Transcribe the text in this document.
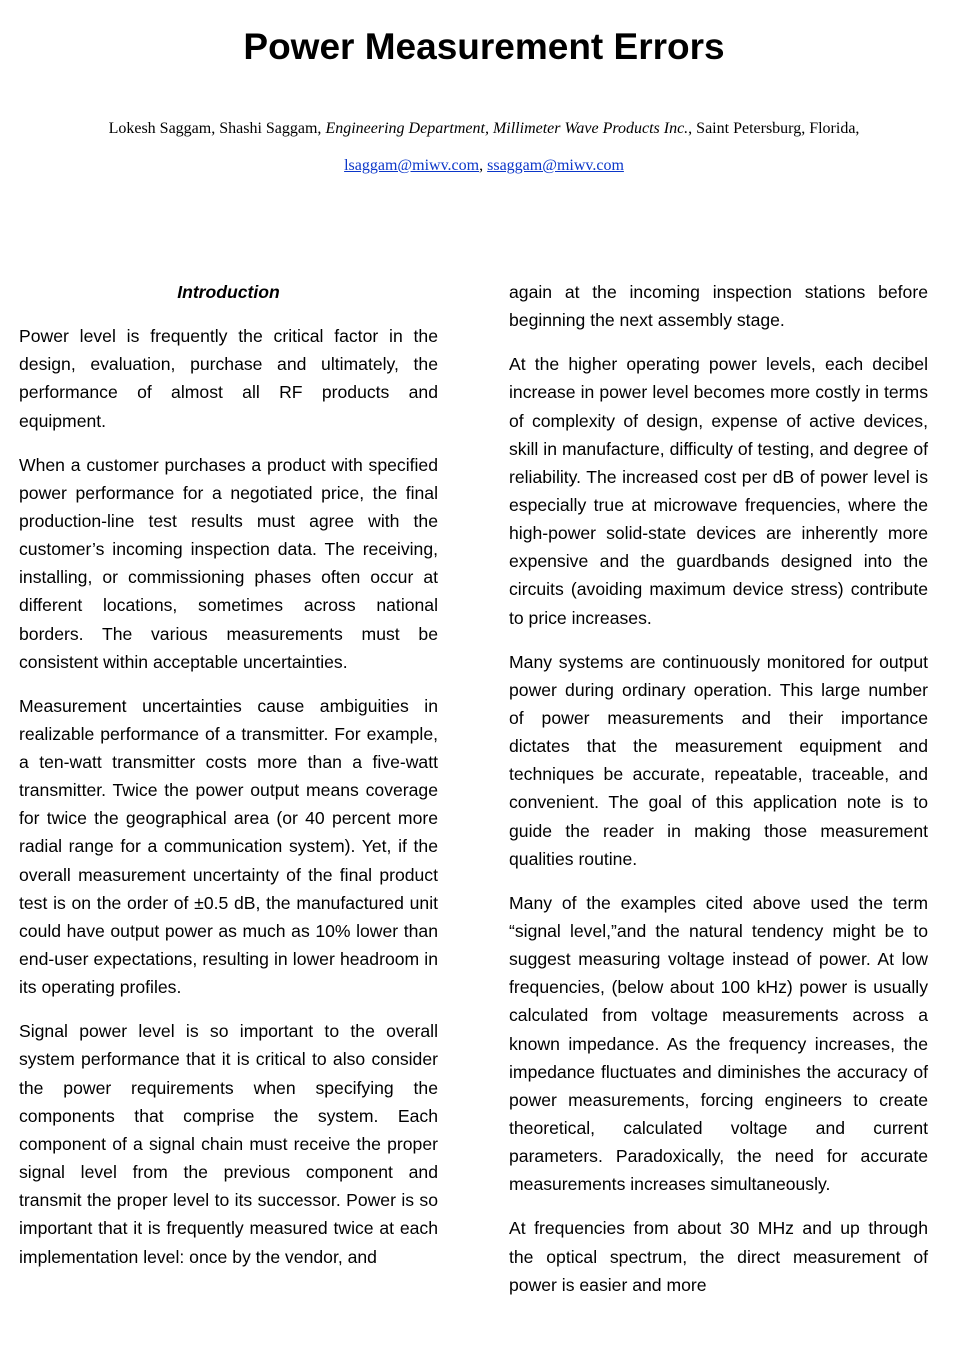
Power Measurement Errors
Lokesh Saggam, Shashi Saggam, Engineering Department, Millimeter Wave Products Inc., Saint Petersburg, Florida,
lsaggam@miwv.com, ssaggam@miwv.com
Introduction

Power level is frequently the critical factor in the design, evaluation, purchase and ultimately, the performance of almost all RF products and equipment.

When a customer purchases a product with specified power performance for a negotiated price, the final production-line test results must agree with the customer’s incoming inspection data. The receiving, installing, or commissioning phases often occur at different locations, sometimes across national borders. The various measurements must be consistent within acceptable uncertainties.

Measurement uncertainties cause ambiguities in realizable performance of a transmitter. For example, a ten-watt transmitter costs more than a five-watt transmitter. Twice the power output means coverage for twice the geographical area (or 40 percent more radial range for a communication system). Yet, if the overall measurement uncertainty of the final product test is on the order of ±0.5 dB, the manufactured unit could have output power as much as 10% lower than end-user expectations, resulting in lower headroom in its operating profiles.

Signal power level is so important to the overall system performance that it is critical to also consider the power requirements when specifying the components that comprise the system. Each component of a signal chain must receive the proper signal level from the previous component and transmit the proper level to its successor. Power is so important that it is frequently measured twice at each implementation level: once by the vendor, and

again at the incoming inspection stations before beginning the next assembly stage.

At the higher operating power levels, each decibel increase in power level becomes more costly in terms of complexity of design, expense of active devices, skill in manufacture, difficulty of testing, and degree of reliability. The increased cost per dB of power level is especially true at microwave frequencies, where the high-power solid-state devices are inherently more expensive and the guardbands designed into the circuits (avoiding maximum device stress) contribute to price increases.

Many systems are continuously monitored for output power during ordinary operation. This large number of power measurements and their importance dictates that the measurement equipment and techniques be accurate, repeatable, traceable, and convenient. The goal of this application note is to guide the reader in making those measurement qualities routine.

Many of the examples cited above used the term “signal level,”and the natural tendency might be to suggest measuring voltage instead of power. At low frequencies, (below about 100 kHz) power is usually calculated from voltage measurements across a known impedance. As the frequency increases, the impedance fluctuates and diminishes the accuracy of power measurements, forcing engineers to create theoretical, calculated voltage and current parameters. Paradoxically, the need for accurate measurements increases simultaneously.

At frequencies from about 30 MHz and up through the optical spectrum, the direct measurement of power is easier and more
